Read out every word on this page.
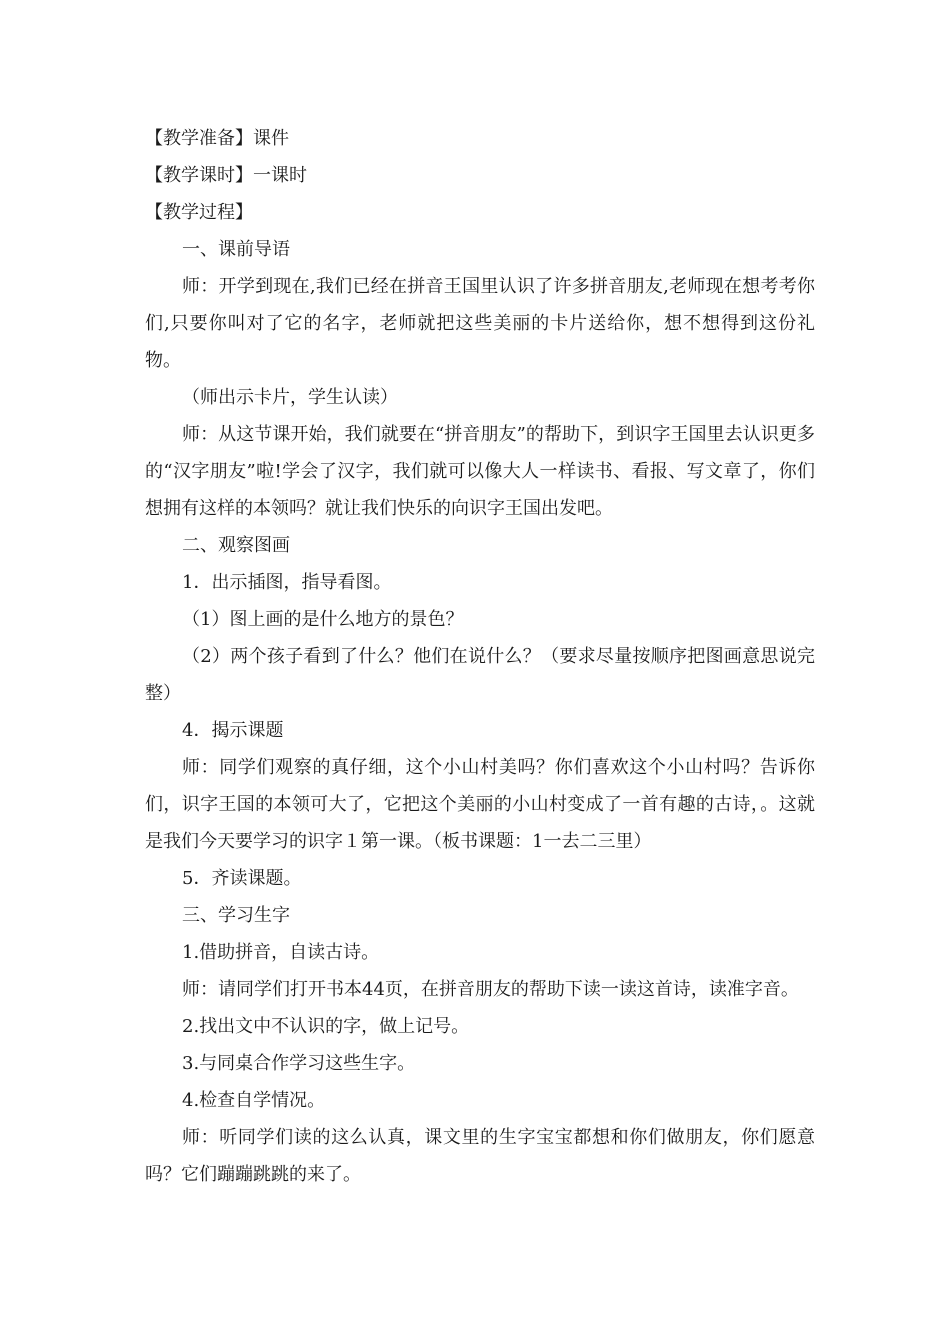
【教学准备】课件

【教学课时】一课时

【教学过程】

一、课前导语

师：开学到现在,我们已经在拼音王国里认识了许多拼音朋友,老师现在想考考你们,只要你叫对了它的名字，老师就把这些美丽的卡片送给你，想不想得到这份礼物。

（师出示卡片，学生认读）

师：从这节课开始，我们就要在“拼音朋友”的帮助下，到识字王国里去认识更多的“汉字朋友”啦!学会了汉字，我们就可以像大人一样读书、看报、写文章了，你们想拥有这样的本领吗？就让我们快乐的向识字王国出发吧。

二、观察图画

1．出示插图，指导看图。

（1）图上画的是什么地方的景色？

（2）两个孩子看到了什么？他们在说什么？（要求尽量按顺序把图画意思说完整）

4．揭示课题

师：同学们观察的真仔细，这个小山村美吗？你们喜欢这个小山村吗？告诉你们，识字王国的本领可大了，它把这个美丽的小山村变成了一首有趣的古诗，。这就是我们今天要学习的识字１第一课。（板书课题：1一去二三里）

5．齐读课题。

三、学习生字

1.借助拼音，自读古诗。

师：请同学们打开书本44页，在拼音朋友的帮助下读一读这首诗，读准字音。

2.找出文中不认识的字，做上记号。

3.与同桌合作学习这些生字。

4.检查自学情况。

师：听同学们读的这么认真，课文里的生字宝宝都想和你们做朋友，你们愿意吗？它们蹦蹦跳跳的来了。
